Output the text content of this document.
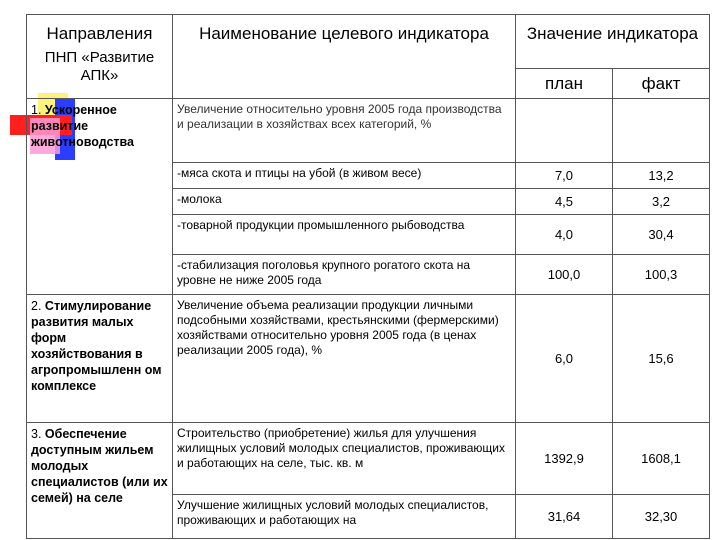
Направления
ПНП «Развитие АПК»	Наименование целевого индикатора	Значение индикатора	
		план	факт
1. Ускоренное развитие животноводства	Увеличение относительно уровня 2005 года производства и реализации в хозяйствах всех категорий, %		
	-мяса скота и птицы на убой (в живом весе)	7,0	13,2
	-молока	4,5	3,2
	-товарной продукции промышленного рыбоводства	4,0	30,4
	-стабилизация поголовья крупного рогатого скота на уровне не ниже 2005 года	100,0	100,3
2. Стимулирование развития малых форм хозяйствования в агропромышленн ом комплексе	Увеличение объема реализации продукции личными подсобными хозяйствами, крестьянскими (фермерскими) хозяйствами относительно уровня 2005 года (в ценах реализации 2005 года), %	6,0	15,6
3. Обеспечение доступным жильем молодых специалистов (или их семей) на селе	Строительство (приобретение) жилья для улучшения жилищных условий молодых специалистов, проживающих и работающих на селе, тыс. кв. м	1392,9	1608,1
	Улучшение жилищных условий молодых специалистов, проживающих и работающих на	31,64	32,30
